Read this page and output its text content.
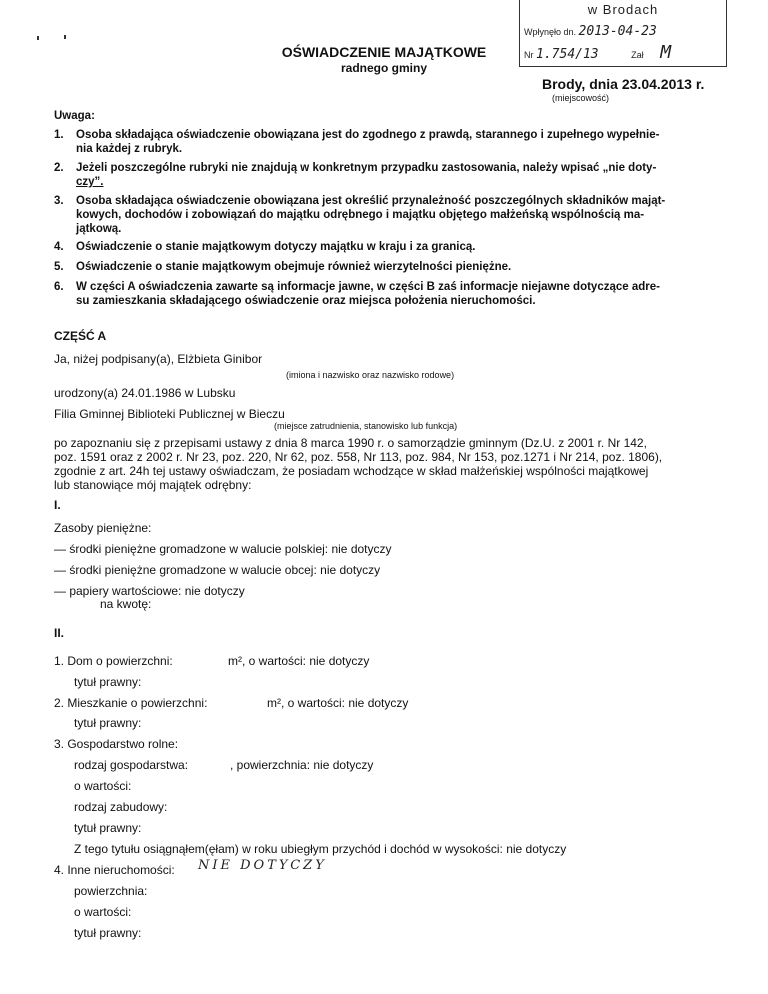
w Brodach
Wpłynęło dn. 2013-04-23
Nr 1.754/13	Zał M
OŚWIADCZENIE MAJĄTKOWE
radnego gminy
Brody, dnia 23.04.2013 r.
(miejscowość)
Uwaga:
1. Osoba składająca oświadczenie obowiązana jest do zgodnego z prawdą, starannego i zupełnego wypełnie-
nia każdej z rubryk.
2. Jeżeli poszczególne rubryki nie znajdują w konkretnym przypadku zastosowania, należy wpisać „nie doty-
czy”.
3. Osoba składająca oświadczenie obowiązana jest określić przynależność poszczególnych składników mająt-
kowych, dochodów i zobowiązań do majątku odrębnego i majątku objętego małżeńską wspólnością ma-
jątkową.
4. Oświadczenie o stanie majątkowym dotyczy majątku w kraju i za granicą.
5. Oświadczenie o stanie majątkowym obejmuje również wierzytelności pieniężne.
6. W części A oświadczenia zawarte są informacje jawne, w części B zaś informacje niejawne dotyczące adre-
su zamieszkania składającego oświadczenie oraz miejsca położenia nieruchomości.
CZĘŚĆ A
Ja, niżej podpisany(a), Elżbieta Ginibor
(imiona i nazwisko oraz nazwisko rodowe)
urodzony(a) 24.01.1986 w Lubsku
Filia Gminnej Biblioteki Publicznej w Bieczu
(miejsce zatrudnienia, stanowisko lub funkcja)
po zapoznaniu się z przepisami ustawy z dnia 8 marca 1990 r. o samorządzie gminnym (Dz.U. z 2001 r. Nr 142,
poz. 1591 oraz z 2002 r. Nr 23, poz. 220, Nr 62, poz. 558, Nr 113, poz. 984, Nr 153, poz.1271 i Nr 214, poz. 1806),
zgodnie z art. 24h tej ustawy oświadczam, że posiadam wchodzące w skład małżeńskiej wspólności majątkowej
lub stanowiące mój majątek odrębny:
I.
Zasoby pieniężne:
— środki pieniężne gromadzone w walucie polskiej: nie dotyczy
— środki pieniężne gromadzone w walucie obcej: nie dotyczy
— papiery wartościowe: nie dotyczy
na kwotę:
II.
1. Dom o powierzchni:	m², o wartości: nie dotyczy
tytuł prawny:
2. Mieszkanie o powierzchni:	m², o wartości: nie dotyczy
tytuł prawny:
3. Gospodarstwo rolne:
rodzaj gospodarstwa:	, powierzchnia: nie dotyczy
o wartości:
rodzaj zabudowy:
tytuł prawny:
Z tego tytułu osiągnąłem(ęłam) w roku ubiegłym przychód i dochód w wysokości: nie dotyczy
4. Inne nieruchomości: NIE DOTYCZY
powierzchnia:
o wartości:
tytuł prawny:
